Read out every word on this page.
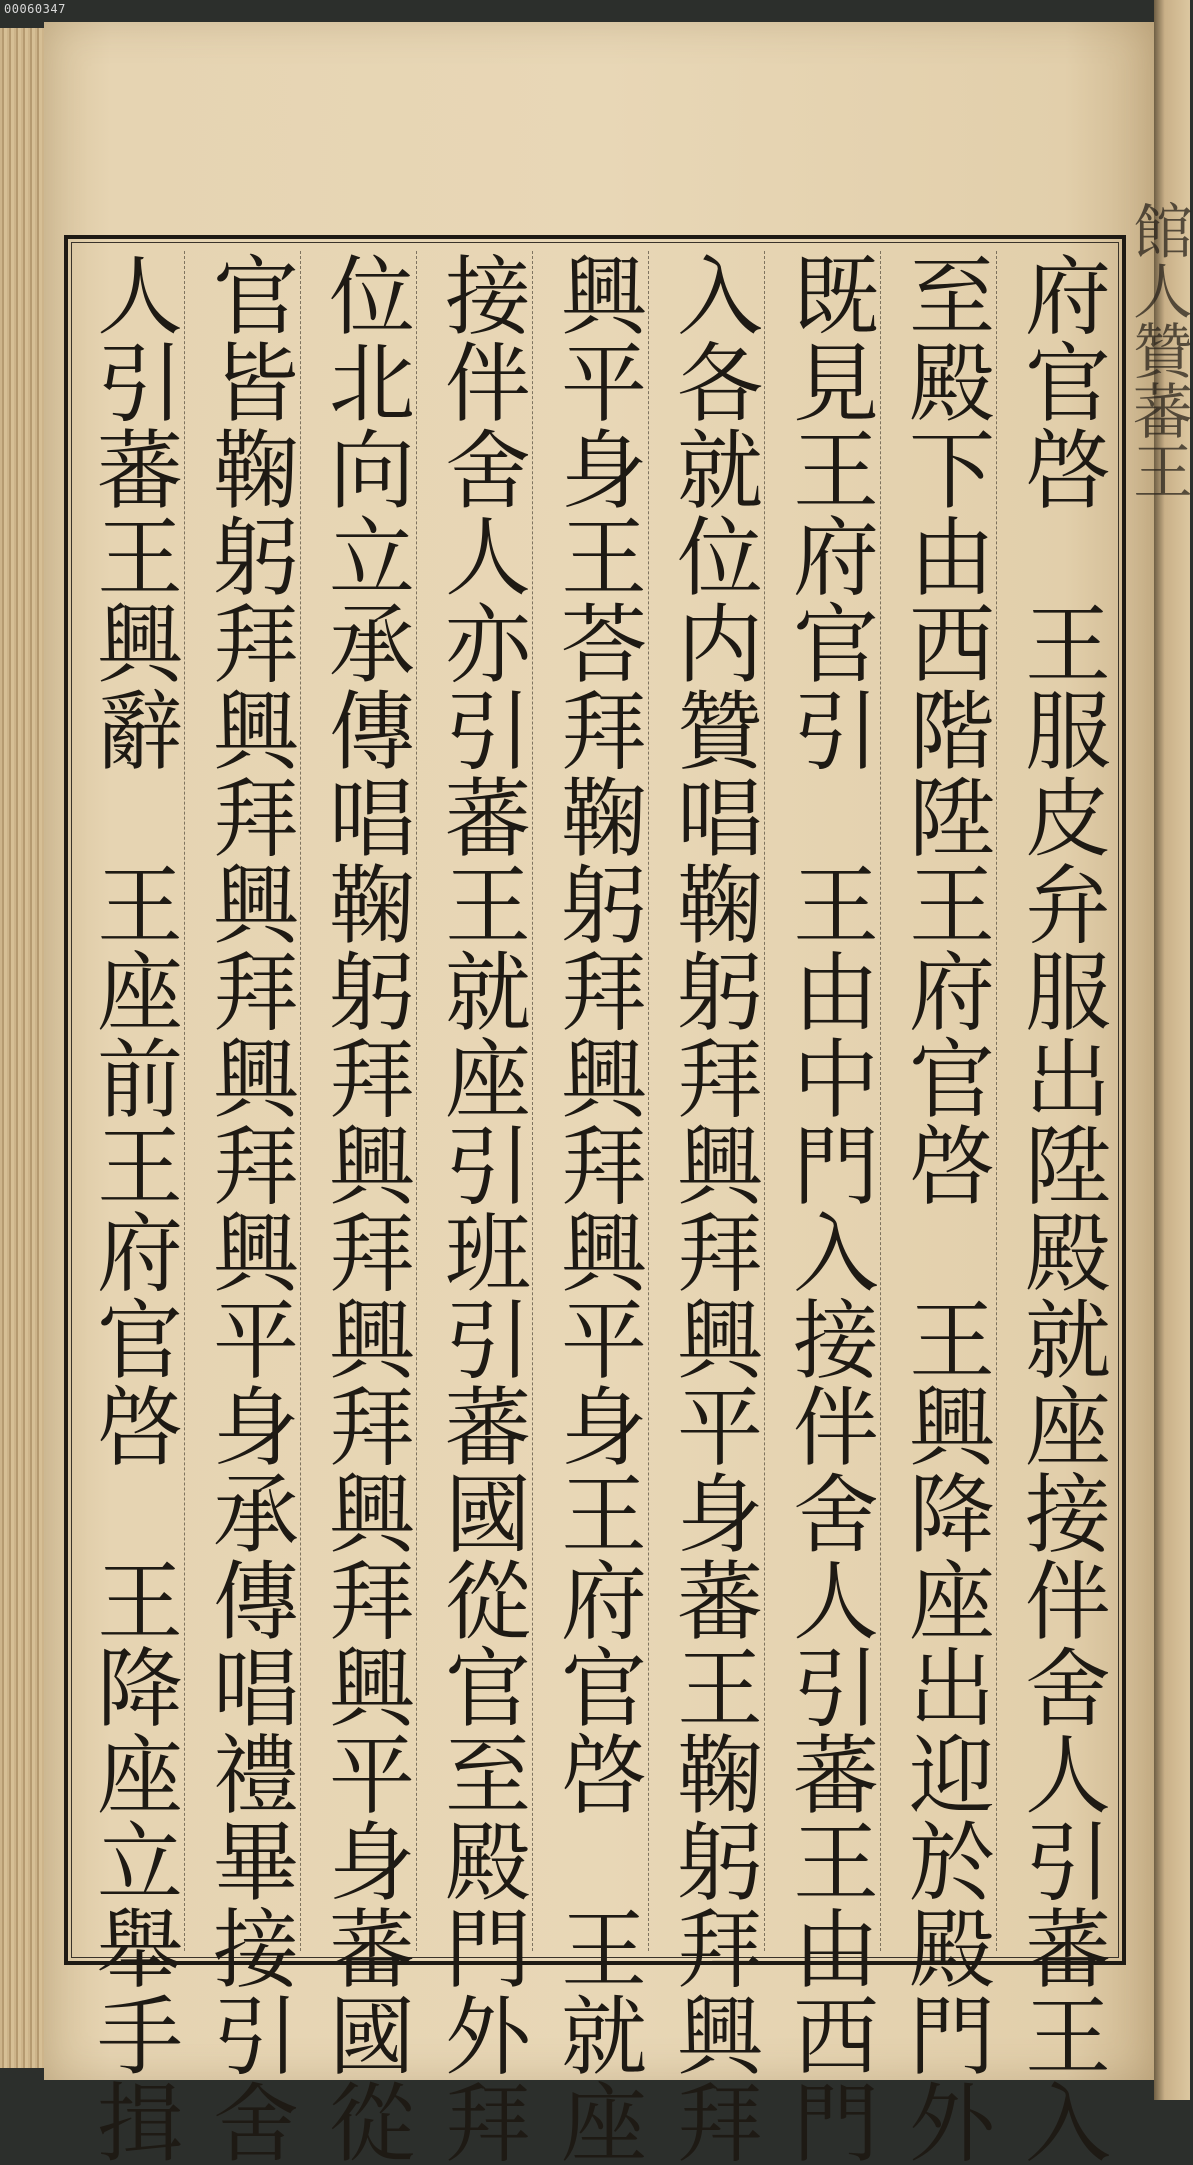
00060347
館人贊蕃王
府官啓　王服皮弁服出陞殿就座接伴舍人引蕃王入
至殿下由西階陞王府官啓　王興降座出迎於殿門外
既見王府官引　王由中門入接伴舍人引蕃王由西門
入各就位内贊唱鞠躬拜興拜興平身蕃王鞠躬拜興拜
興平身王荅拜鞠躬拜興拜興平身王府官啓　王就座
接伴舍人亦引蕃王就座引班引蕃國從官至殿門外拜
位北向立承傳唱鞠躬拜興拜興拜興拜興平身蕃國從
官皆鞠躬拜興拜興拜興拜興平身承傳唱禮畢接引舍
人引蕃王興辭　王座前王府官啓　王降座立舉手揖
